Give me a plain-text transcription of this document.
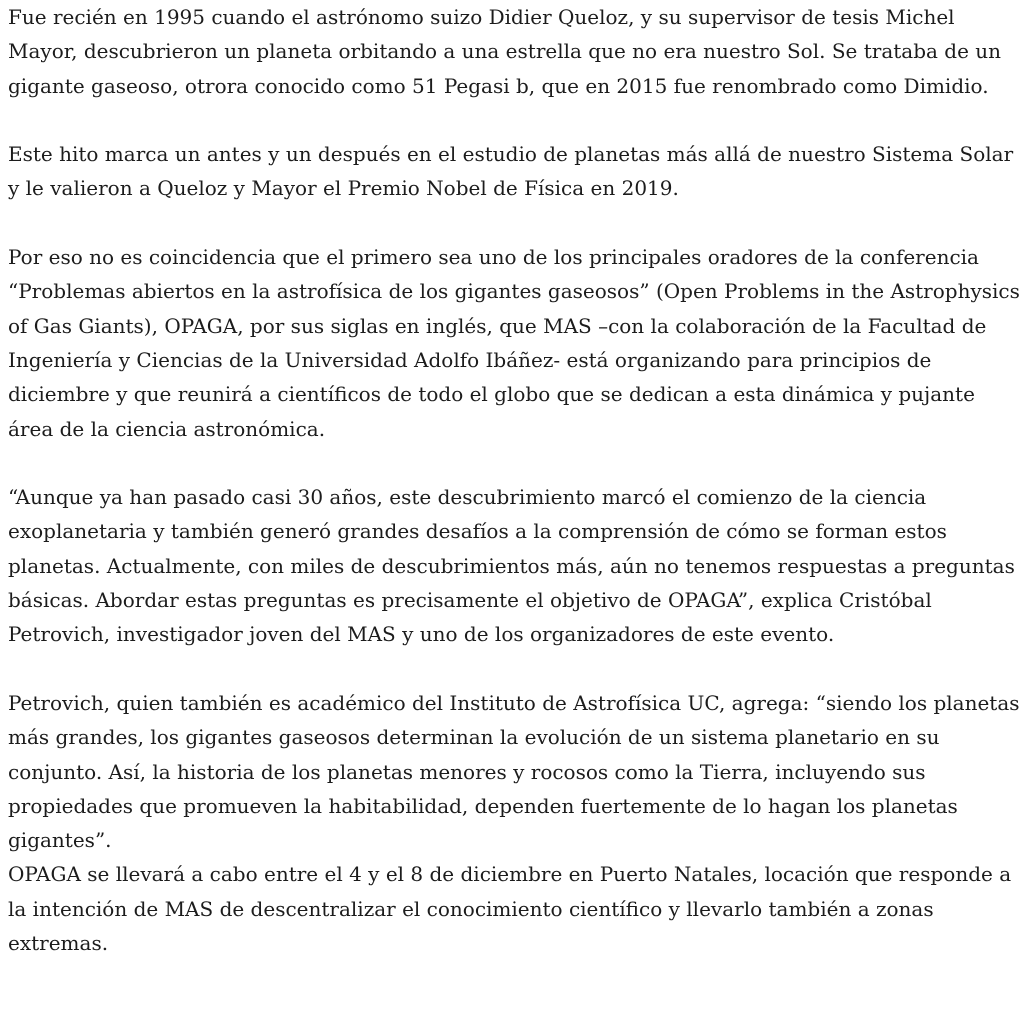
Fue recién en 1995 cuando el astrónomo suizo Didier Queloz, y su supervisor de tesis Michel Mayor, descubrieron un planeta orbitando a una estrella que no era nuestro Sol. Se trataba de un gigante gaseoso, otrora conocido como 51 Pegasi b, que en 2015 fue renombrado como Dimidio.

Este hito marca un antes y un después en el estudio de planetas más allá de nuestro Sistema Solar y le valieron a Queloz y Mayor el Premio Nobel de Física en 2019.

Por eso no es coincidencia que el primero sea uno de los principales oradores de la conferencia “Problemas abiertos en la astrofísica de los gigantes gaseosos” (Open Problems in the Astrophysics of Gas Giants), OPAGA, por sus siglas en inglés, que MAS –con la colaboración de la Facultad de Ingeniería y Ciencias de la Universidad Adolfo Ibáñez- está organizando para principios de diciembre y que reunirá a científicos de todo el globo que se dedican a esta dinámica y pujante área de la ciencia astronómica.

“Aunque ya han pasado casi 30 años, este descubrimiento marcó el comienzo de la ciencia exoplanetaria y también generó grandes desafíos a la comprensión de cómo se forman estos planetas. Actualmente, con miles de descubrimientos más, aún no tenemos respuestas a preguntas básicas. Abordar estas preguntas es precisamente el objetivo de OPAGA”, explica Cristóbal Petrovich, investigador joven del MAS y uno de los organizadores de este evento.

Petrovich, quien también es académico del Instituto de Astrofísica UC, agrega: “siendo los planetas más grandes, los gigantes gaseosos determinan la evolución de un sistema planetario en su conjunto. Así, la historia de los planetas menores y rocosos como la Tierra, incluyendo sus propiedades que promueven la habitabilidad, dependen fuertemente de lo hagan los planetas gigantes”.

OPAGA se llevará a cabo entre el 4 y el 8 de diciembre en Puerto Natales, locación que responde a la intención de MAS de descentralizar el conocimiento científico y llevarlo también a zonas extremas.
